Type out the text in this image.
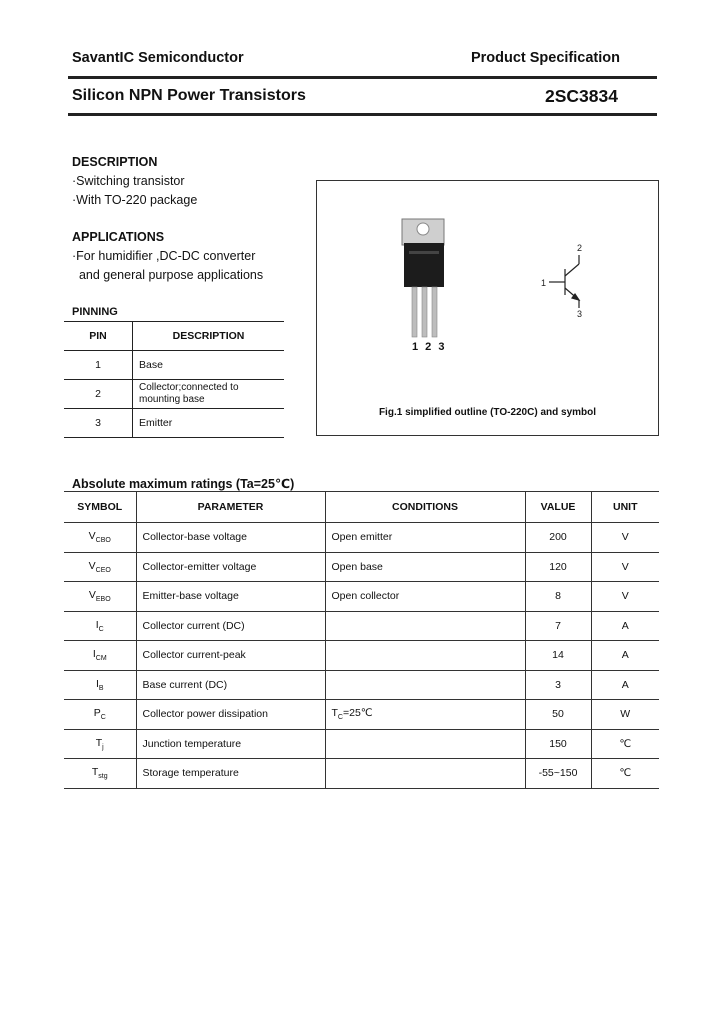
SavantIC Semiconductor	Product Specification
Silicon NPN Power Transistors	2SC3834
DESCRIPTION
·Switching transistor
·With TO-220 package
APPLICATIONS
·For humidifier ,DC-DC converter
and general purpose applications
PINNING
PIN	DESCRIPTION
1	Base
2	Collector;connected to mounting base
3	Emitter
1
2
3
1 2 3
Fig.1 simplified outline (TO-220C) and symbol
Absolute maximum ratings (Ta=25℃)
SYMBOL	PARAMETER	CONDITIONS	VALUE	UNIT
$V_{CBO}$	Collector-base voltage	Open emitter	200	V
$V_{CEO}$	Collector-emitter voltage	Open base	120	V
$V_{EBO}$	Emitter-base voltage	Open collector	8	V
$I_C$	Collector current (DC)		7	A
$I_{CM}$	Collector current-peak		14	A
$I_B$	Base current (DC)		3	A
$P_C$	Collector power dissipation	$T_C=25℃$	50	W
$T_j$	Junction temperature		150	℃
$T_{stg}$	Storage temperature		-55~150	℃
